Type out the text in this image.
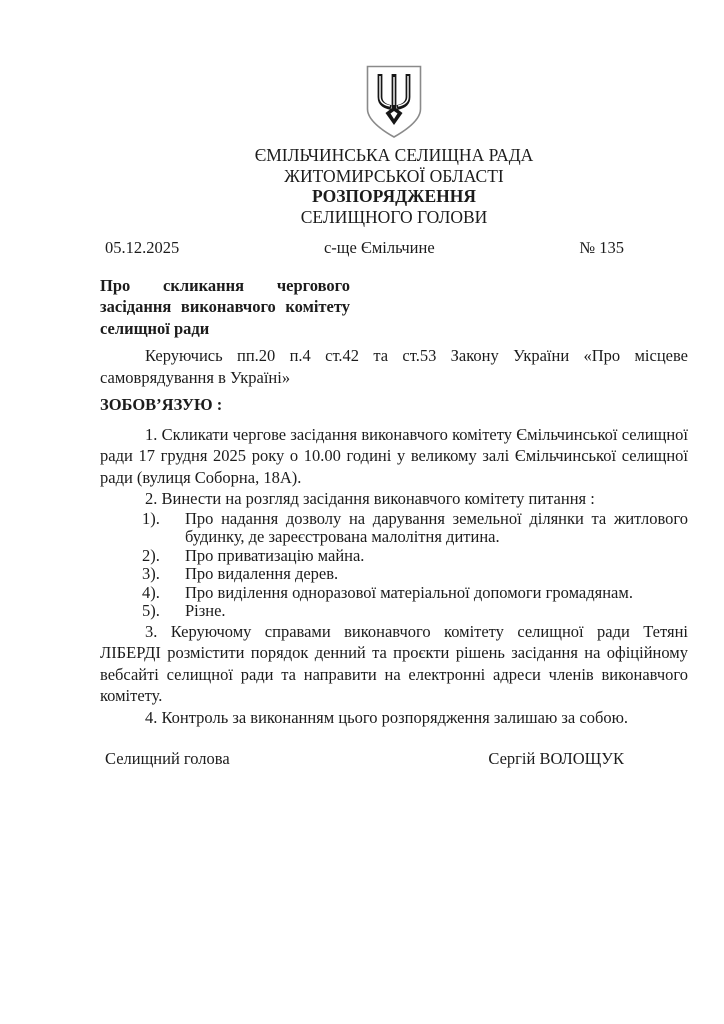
ЄМІЛЬЧИНСЬКА СЕЛИЩНА РАДА
ЖИТОМИРСЬКОЇ ОБЛАСТІ
РОЗПОРЯДЖЕННЯ
СЕЛИЩНОГО ГОЛОВИ
05.12.2025	с-ще Ємільчине	№ 135
Про скликання чергового засідання виконавчого комітету селищної ради

Керуючись пп.20 п.4 ст.42 та ст.53 Закону України «Про місцеве самоврядування в Україні»

ЗОБОВ’ЯЗУЮ :

1. Скликати чергове засідання виконавчого комітету Ємільчинської селищної ради 17 грудня 2025 року о 10.00 годині у великому залі Ємільчинської селищної ради (вулиця Соборна, 18А).

2. Винести на розгляд засідання виконавчого комітету питання :

1).	Про надання дозволу на дарування земельної ділянки та житлового будинку, де зареєстрована малолітня дитина.
2).	Про приватизацію майна.
3).	Про видалення дерев.
4).	Про виділення одноразової матеріальної допомоги громадянам.
5).	Різне.

3. Керуючому справами виконавчого комітету селищної ради Тетяні ЛІБЕРДІ розмістити порядок денний та проєкти рішень засідання на офіційному вебсайті селищної ради та направити на електронні адреси членів виконавчого комітету.

4. Контроль за виконанням цього розпорядження залишаю за собою.

Селищний голова	Сергій ВОЛОЩУК
